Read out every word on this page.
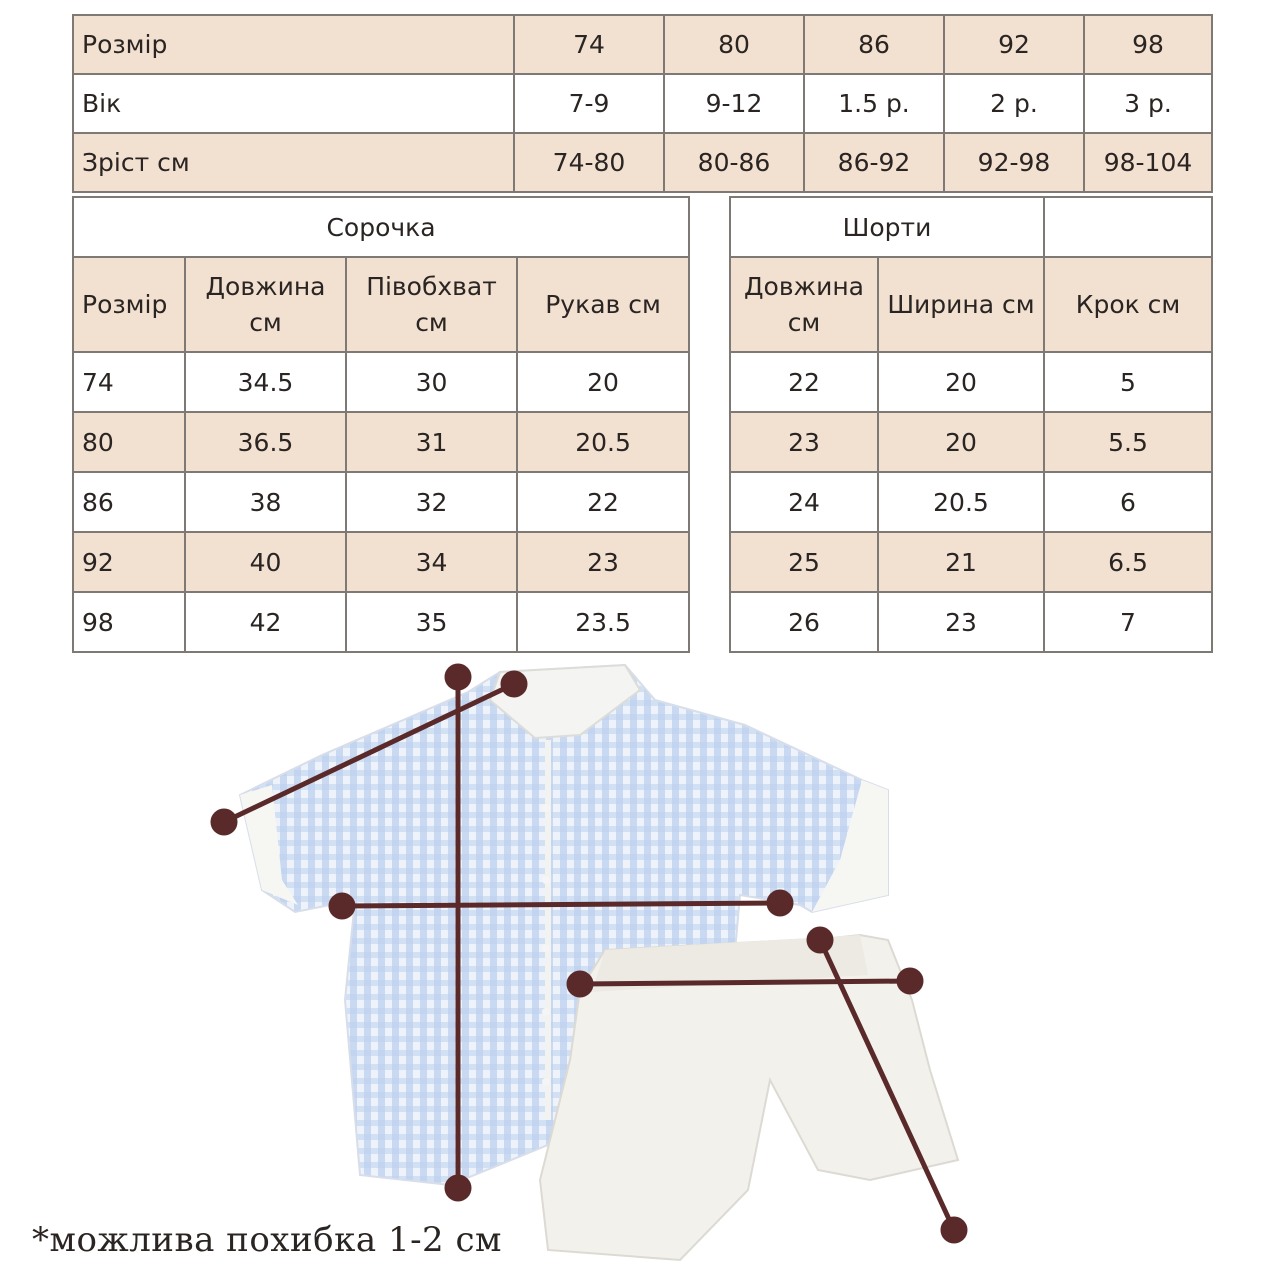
Розмір	74	80	86	92	98
Вік	7-9	9-12	1.5 р.	2 р.	3 р.
Зріст см	74-80	80-86	86-92	92-98	98-104
Сорочка			
Розмір	Довжина см	Півобхват см	Рукав см
74	34.5	30	20
80	36.5	31	20.5
86	38	32	22
92	40	34	23
98	42	35	23.5
Шорти		
Довжина см	Ширина см	Крок см
22	20	5
23	20	5.5
24	20.5	6
25	21	6.5
26	23	7
*можлива похибка 1-2 см
